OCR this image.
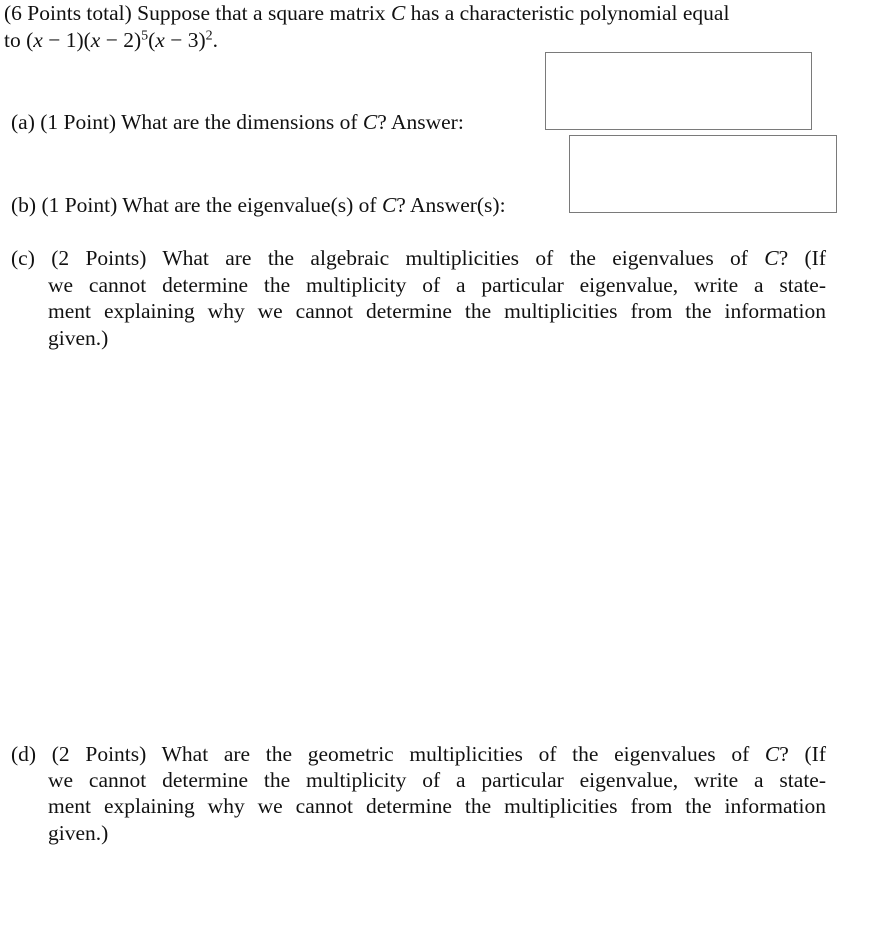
(6 Points total) Suppose that a square matrix C has a characteristic polynomial equal
to $(x - 1)(x - 2)^5(x - 3)^2$.
(a) (1 Point) What are the dimensions of C? Answer:
(b) (1 Point) What are the eigenvalue(s) of C? Answer(s):
(c) (2 Points) What are the algebraic multiplicities of the eigenvalues of C? (If
we cannot determine the multiplicity of a particular eigenvalue, write a state-
ment explaining why we cannot determine the multiplicities from the information
given.)
(d) (2 Points) What are the geometric multiplicities of the eigenvalues of C? (If
we cannot determine the multiplicity of a particular eigenvalue, write a state-
ment explaining why we cannot determine the multiplicities from the information
given.)
